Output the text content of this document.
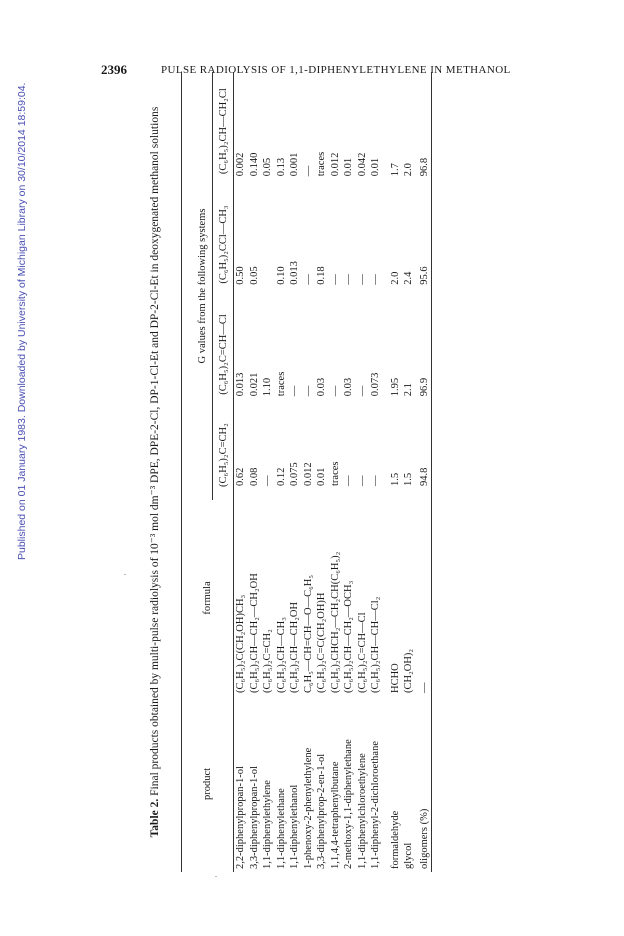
2396	PULSE RADIOLYSIS OF 1,1-DIPHENYLETHYLENE IN METHANOL
Published on 01 January 1983. Downloaded by University of Michigan Library on 30/10/2014 18:59:04.

Table 2. Final products obtained by multi-pulse radiolysis of 10⁻³ mol dm⁻³ DPE, DPE-2-Cl, DP-1-Cl-Et and DP-2-Cl-Et in deoxygenated methanol solutions	product	formula	G values from the following systems			
		(C₆H₅)₂C=CH₂	(C₆H₅)₂C=CH—Cl	(C₆H₅)₂CCl—CH₃	(C₆H₅)₂CH—CH₂Cl
2,2-diphenylpropan-1-ol	(C₆H₅)₂C(CH₂OH)CH₃	0.62	0.013	0.50	0.002
3,3-diphenylpropan-1-ol	(C₆H₅)₂CH—CH₂—CH₂OH	0.08	0.021	0.05	0.140
1,1-diphenylethylene	(C₆H₅)₂C=CH₂	—	1.10		0.05
1,1-diphenylethane	(C₆H₅)₂CH—CH₃	0.12	traces	0.10	0.13
1,1-diphenylethanol	(C₆H₅)₂CH—CH₂OH	0.075	—	0.013	0.001
1-phenoxy-2-phenylethylene	C₆H₅—CH=CH—O—C₆H₅	0.012	—	—	—
3,3-diphenylprop-2-en-1-ol	(C₆H₅)₂C=C(CH₂OH)H	0.01	0.03	0.18	traces
1,1,4,4-tetraphenylbutane	(C₆H₅)₂CHCH₂—CH₂CH(C₆H₅)₂	traces	—	—	0.012
2-methoxy-1,1-diphenylethane	(C₆H₅)₂CH—CH₂—OCH₃	—	0.03	—	0.01
1,1-diphenylchloroethylene	(C₆H₅)₂C=CH—Cl	—	—	—	0.042
1,1-diphenyl-2-dichloroethane	(C₆H₅)₂CH—CH—Cl₂	—	0.073	—	0.01
formaldehyde	HCHO	1.5	1.95	2.0	1.7
glycol	(CH₂OH)₂	1.5	2.1	2.4	2.0
oligomers (%)	—	94.8	96.9	95.6	96.8
